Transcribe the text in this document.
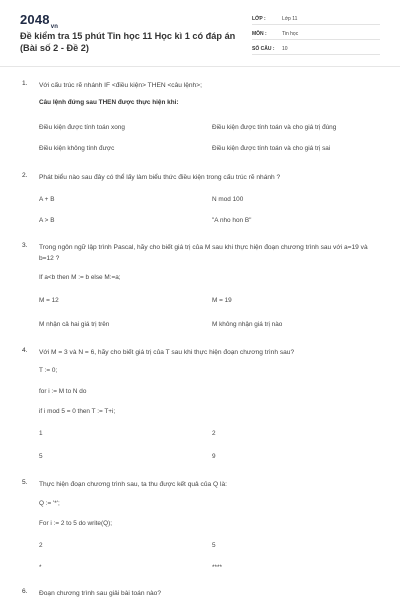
$2048_{vn}$
Đề kiểm tra 15 phút Tin học 11 Học kì 1 có đáp án (Bài số 2 - Đề 2)
LỚP :	Lớp 11
MÔN :	Tin học
SỐ CÂU :	10
1. Với cấu trúc rẽ nhánh IF <điều kiện> THEN <câu lệnh>;
Câu lệnh đứng sau THEN được thực hiện khi:
Điều kiện được tính toán xong	Điều kiện được tính toán và cho giá trị đúng
Điều kiện không tính được	Điều kiện được tính toán và cho giá trị sai
2. Phát biểu nào sau đây có thể lấy làm biểu thức điều kiện trong cấu trúc rẽ nhánh ?
A + B	N mod 100
A > B	"A nho hon B"
3. Trong ngôn ngữ lập trình Pascal, hãy cho biết giá trị của M sau khi thực hiện đoạn chương trình sau với a=19 và b=12 ?
If a<b then M := b else M:=a;
M = 12	M = 19
M nhận cả hai giá trị trên	M không nhận giá trị nào
4. Với M = 3 và N = 6, hãy cho biết giá trị của T sau khi thực hiện đoạn chương trình sau?
T := 0;
for i := M to N do
if i mod 5 = 0 then T := T+i;
1	2
5	9
5. Thực hiện đoạn chương trình sau, ta thu được kết quả của Q là:
Q := '*';
For i := 2 to 5 do write(Q);
2	5
*	****
6. Đoạn chương trình sau giải bài toán nào?
